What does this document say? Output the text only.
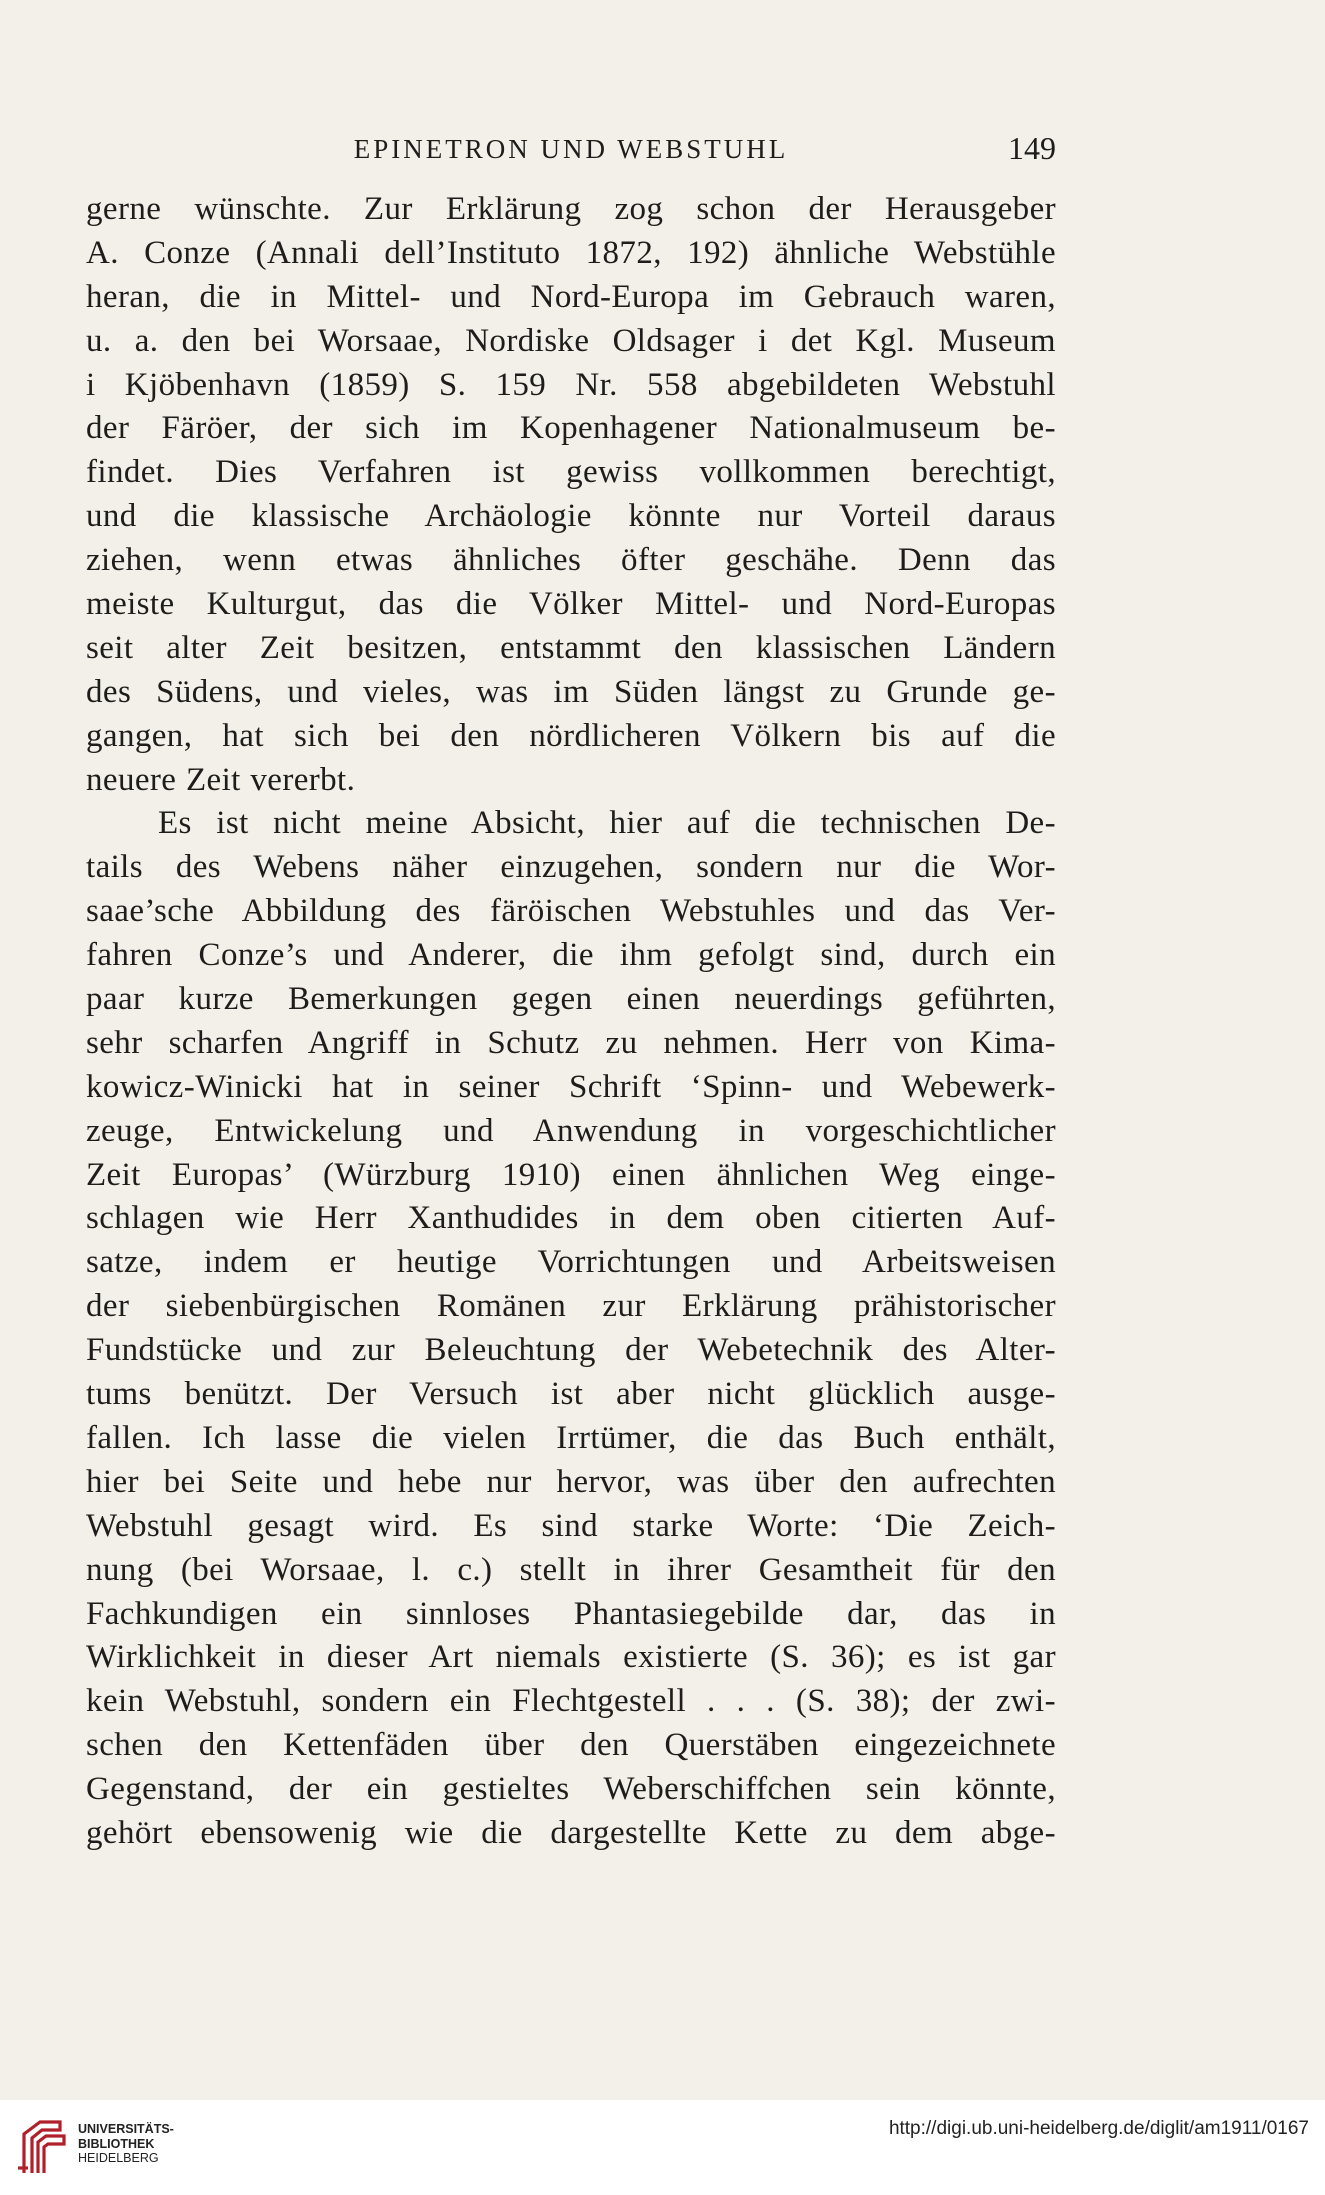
EPINETRON UND WEBSTUHL	149
gerne wünschte. Zur Erklärung zog schon der Herausgeber
A. Conze (Annali dell’Instituto 1872, 192) ähnliche Webstühle
heran, die in Mittel- und Nord-Europa im Gebrauch waren,
u. a. den bei Worsaae, Nordiske Oldsager i det Kgl. Museum
i Kjöbenhavn (1859) S. 159 Nr. 558 abgebildeten Webstuhl
der Färöer, der sich im Kopenhagener Nationalmuseum be-
findet. Dies Verfahren ist gewiss vollkommen berechtigt,
und die klassische Archäologie könnte nur Vorteil daraus
ziehen, wenn etwas ähnliches öfter geschähe. Denn das
meiste Kulturgut, das die Völker Mittel- und Nord-Europas
seit alter Zeit besitzen, entstammt den klassischen Ländern
des Südens, und vieles, was im Süden längst zu Grunde ge-
gangen, hat sich bei den nördlicheren Völkern bis auf die
neuere Zeit vererbt.
Es ist nicht meine Absicht, hier auf die technischen De-
tails des Webens näher einzugehen, sondern nur die Wor-
saae’sche Abbildung des färöischen Webstuhles und das Ver-
fahren Conze’s und Anderer, die ihm gefolgt sind, durch ein
paar kurze Bemerkungen gegen einen neuerdings geführten,
sehr scharfen Angriff in Schutz zu nehmen. Herr von Kima-
kowicz-Winicki hat in seiner Schrift ‘Spinn- und Webewerk-
zeuge, Entwickelung und Anwendung in vorgeschichtlicher
Zeit Europas’ (Würzburg 1910) einen ähnlichen Weg einge-
schlagen wie Herr Xanthudides in dem oben citierten Auf-
satze, indem er heutige Vorrichtungen und Arbeitsweisen
der siebenbürgischen Romänen zur Erklärung prähistorischer
Fundstücke und zur Beleuchtung der Webetechnik des Alter-
tums benützt. Der Versuch ist aber nicht glücklich ausge-
fallen. Ich lasse die vielen Irrtümer, die das Buch enthält,
hier bei Seite und hebe nur hervor, was über den aufrechten
Webstuhl gesagt wird. Es sind starke Worte: ‘Die Zeich-
nung (bei Worsaae, l. c.) stellt in ihrer Gesamtheit für den
Fachkundigen ein sinnloses Phantasiegebilde dar, das in
Wirklichkeit in dieser Art niemals existierte (S. 36); es ist gar
kein Webstuhl, sondern ein Flechtgestell . . . (S. 38); der zwi-
schen den Kettenfäden über den Querstäben eingezeichnete
Gegenstand, der ein gestieltes Weberschiffchen sein könnte,
gehört ebensowenig wie die dargestellte Kette zu dem abge-
UNIVERSITÄTS-
BIBLIOTHEK
HEIDELBERG
http://digi.ub.uni-heidelberg.de/diglit/am1911/0167
